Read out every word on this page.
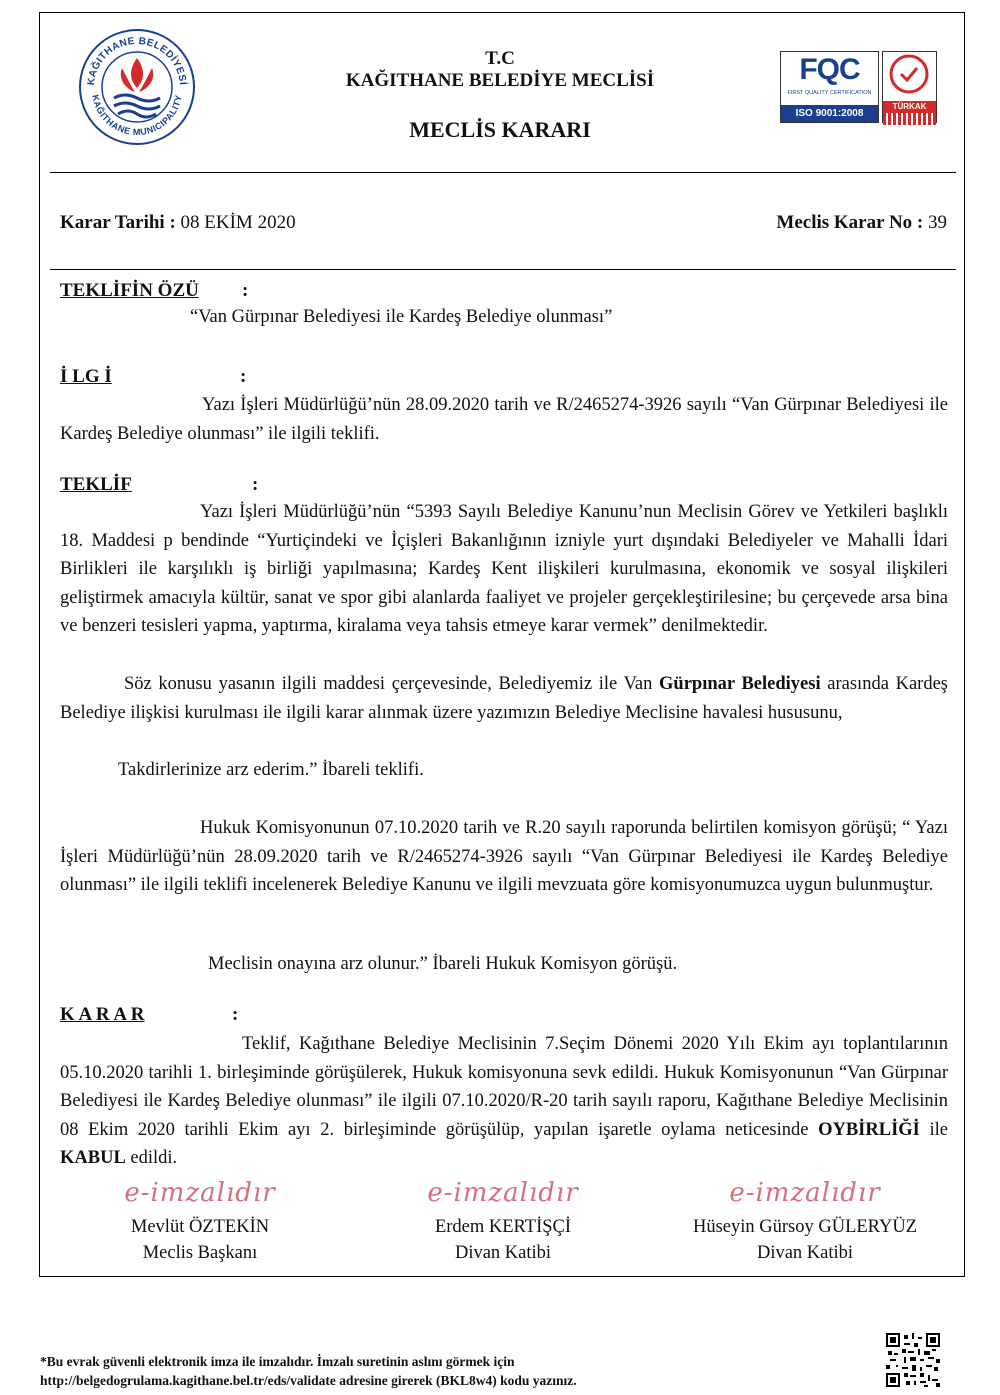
KAĞITHANE BELEDİYESİ
KAĞITHANE MUNICIPALITY
T.C
KAĞITHANE BELEDİYE MECLİSİ
MECLİS KARARI
FQC
FIRST QUALITY CERTIFICATION
ISO 9001:2008
TÜRKAK
Karar Tarihi : 08 EKİM 2020	Meclis Karar No : 39
TEKLİFİN ÖZÜ :
“Van Gürpınar Belediyesi ile Kardeş Belediye olunması”
İ LG İ	:
Yazı İşleri Müdürlüğü’nün 28.09.2020 tarih ve R/2465274-3926 sayılı “Van Gürpınar Belediyesi ile Kardeş Belediye olunması” ile ilgili teklifi.
TEKLİF	:
Yazı İşleri Müdürlüğü’nün “5393 Sayılı Belediye Kanunu’nun Meclisin Görev ve Yetkileri başlıklı 18. Maddesi p bendinde “Yurtiçindeki ve İçişleri Bakanlığının izniyle yurt dışındaki Belediyeler ve Mahalli İdari Birlikleri ile karşılıklı iş birliği yapılmasına; Kardeş Kent ilişkileri kurulmasına, ekonomik ve sosyal ilişkileri geliştirmek amacıyla kültür, sanat ve spor gibi alanlarda faaliyet ve projeler gerçekleştirilesine; bu çerçevede arsa bina ve benzeri tesisleri yapma, yaptırma, kiralama veya tahsis etmeye karar vermek” denilmektedir.
Söz konusu yasanın ilgili maddesi çerçevesinde, Belediyemiz ile Van Gürpınar Belediyesi arasında Kardeş Belediye ilişkisi kurulması ile ilgili karar alınmak üzere yazımızın Belediye Meclisine havalesi hususunu,
Takdirlerinize arz ederim.” İbareli teklifi.
Hukuk Komisyonunun 07.10.2020 tarih ve R.20 sayılı raporunda belirtilen komisyon görüşü; “ Yazı İşleri Müdürlüğü’nün 28.09.2020 tarih ve R/2465274-3926 sayılı “Van Gürpınar Belediyesi ile Kardeş Belediye olunması” ile ilgili teklifi incelenerek Belediye Kanunu ve ilgili mevzuata göre komisyonumuzca uygun bulunmuştur.
Meclisin onayına arz olunur.” İbareli Hukuk Komisyon görüşü.
K A R A R	:
Teklif, Kağıthane Belediye Meclisinin 7.Seçim Dönemi 2020 Yılı Ekim ayı toplantılarının 05.10.2020 tarihli 1. birleşiminde görüşülerek, Hukuk komisyonuna sevk edildi. Hukuk Komisyonunun “Van Gürpınar Belediyesi ile Kardeş Belediye olunması” ile ilgili 07.10.2020/R-20 tarih sayılı raporu, Kağıthane Belediye Meclisinin 08 Ekim 2020 tarihli Ekim ayı 2. birleşiminde görüşülüp, yapılan işaretle oylama neticesinde OYBİRLİĞİ ile KABUL edildi.
e-imzalıdır
Mevlüt ÖZTEKİN
Meclis Başkanı
e-imzalıdır
Erdem KERTİŞÇİ
Divan Katibi
e-imzalıdır
Hüseyin Gürsoy GÜLERYÜZ
Divan Katibi
*Bu evrak güvenli elektronik imza ile imzalıdır. İmzalı suretinin aslını görmek için
http://belgedogrulama.kagithane.bel.tr/eds/validate adresine girerek (BKL8w4) kodu yazınız.
